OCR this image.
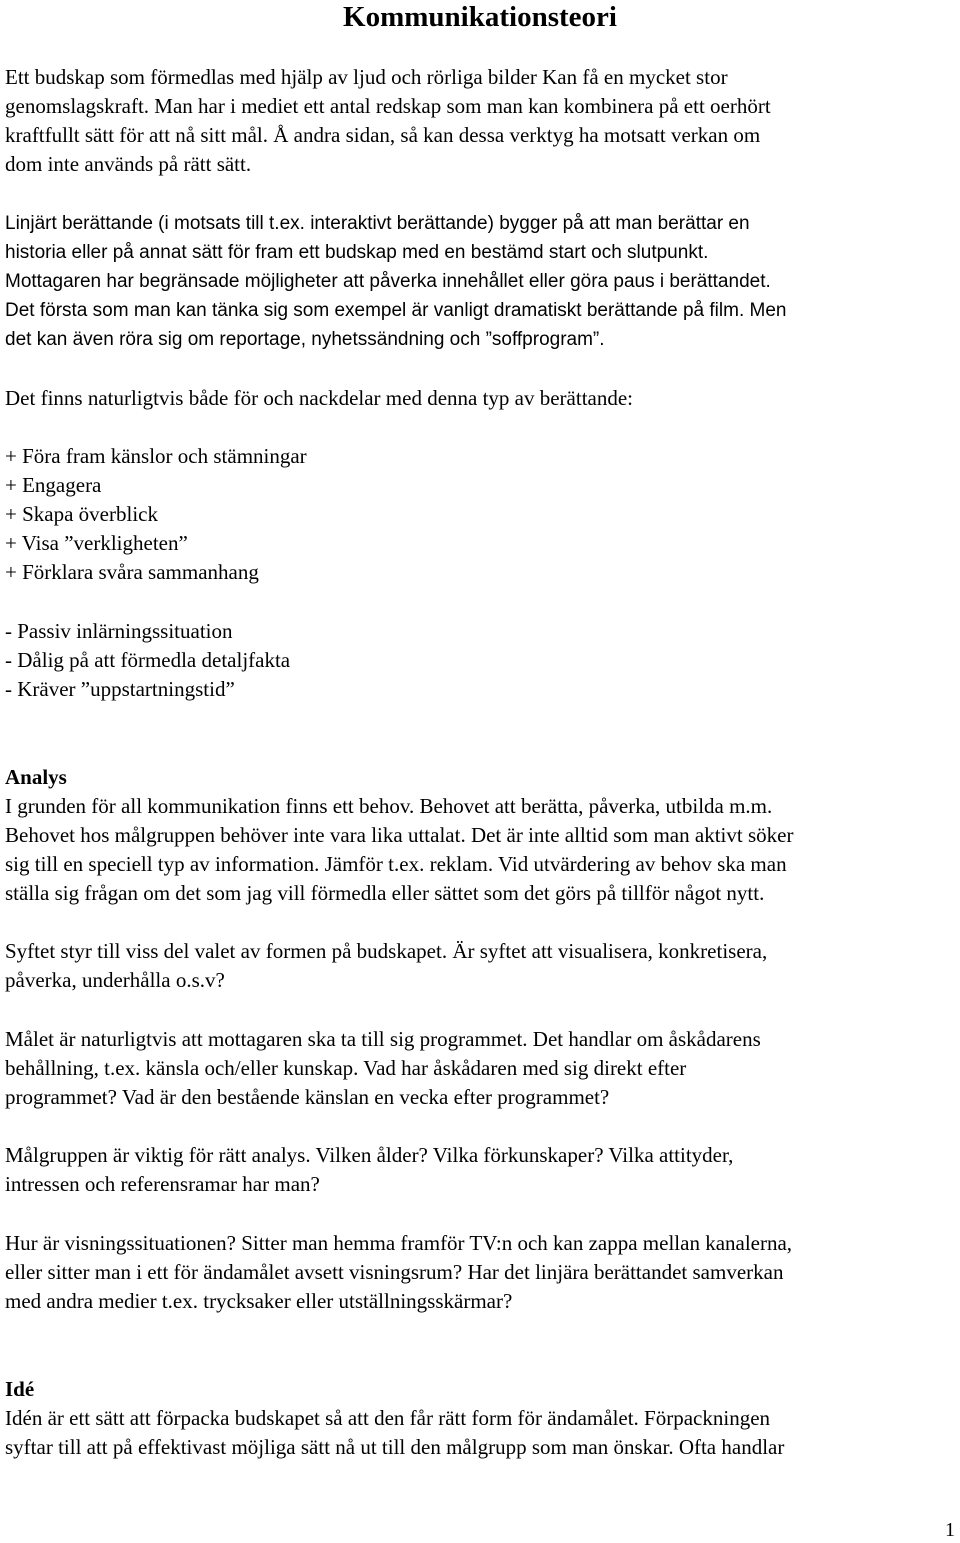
Kommunikationsteori

Ett budskap som förmedlas med hjälp av ljud och rörliga bilder Kan få en mycket stor

genomslagskraft. Man har i mediet ett antal redskap som man kan kombinera på ett oerhört

kraftfullt sätt för att nå sitt mål. Å andra sidan, så kan dessa verktyg ha motsatt verkan om

dom inte används på rätt sätt.

Linjärt berättande (i motsats till t.ex. interaktivt berättande) bygger på att man berättar en

historia eller på annat sätt för fram ett budskap med en bestämd start och slutpunkt.

Mottagaren har begränsade möjligheter att påverka innehållet eller göra paus i berättandet.

Det första som man kan tänka sig som exempel är vanligt dramatiskt berättande på film. Men

det kan även röra sig om reportage, nyhetssändning och ”soffprogram”.

Det finns naturligtvis både för och nackdelar med denna typ av berättande:

+ Föra fram känslor och stämningar

+ Engagera

+ Skapa överblick

+ Visa ”verkligheten”

+ Förklara svåra sammanhang

- Passiv inlärningssituation

- Dålig på att förmedla detaljfakta

- Kräver ”uppstartningstid”

Analys

I grunden för all kommunikation finns ett behov. Behovet att berätta, påverka, utbilda m.m.

Behovet hos målgruppen behöver inte vara lika uttalat. Det är inte alltid som man aktivt söker

sig till en speciell typ av information. Jämför t.ex. reklam. Vid utvärdering av behov ska man

ställa sig frågan om det som jag vill förmedla eller sättet som det görs på tillför något nytt.

Syftet styr till viss del valet av formen på budskapet. Är syftet att visualisera, konkretisera,

påverka, underhålla o.s.v?

Målet är naturligtvis att mottagaren ska ta till sig programmet. Det handlar om åskådarens

behållning, t.ex. känsla och/eller kunskap. Vad har åskådaren med sig direkt efter

programmet? Vad är den bestående känslan en vecka efter programmet?

Målgruppen är viktig för rätt analys. Vilken ålder? Vilka förkunskaper? Vilka attityder,

intressen och referensramar har man?

Hur är visningssituationen? Sitter man hemma framför TV:n och kan zappa mellan kanalerna,

eller sitter man i ett för ändamålet avsett visningsrum? Har det linjära berättandet samverkan

med andra medier t.ex. trycksaker eller utställningsskärmar?

Idé

Idén är ett sätt att förpacka budskapet så att den får rätt form för ändamålet. Förpackningen

syftar till att på effektivast möjliga sätt nå ut till den målgrupp som man önskar. Ofta handlar

1
